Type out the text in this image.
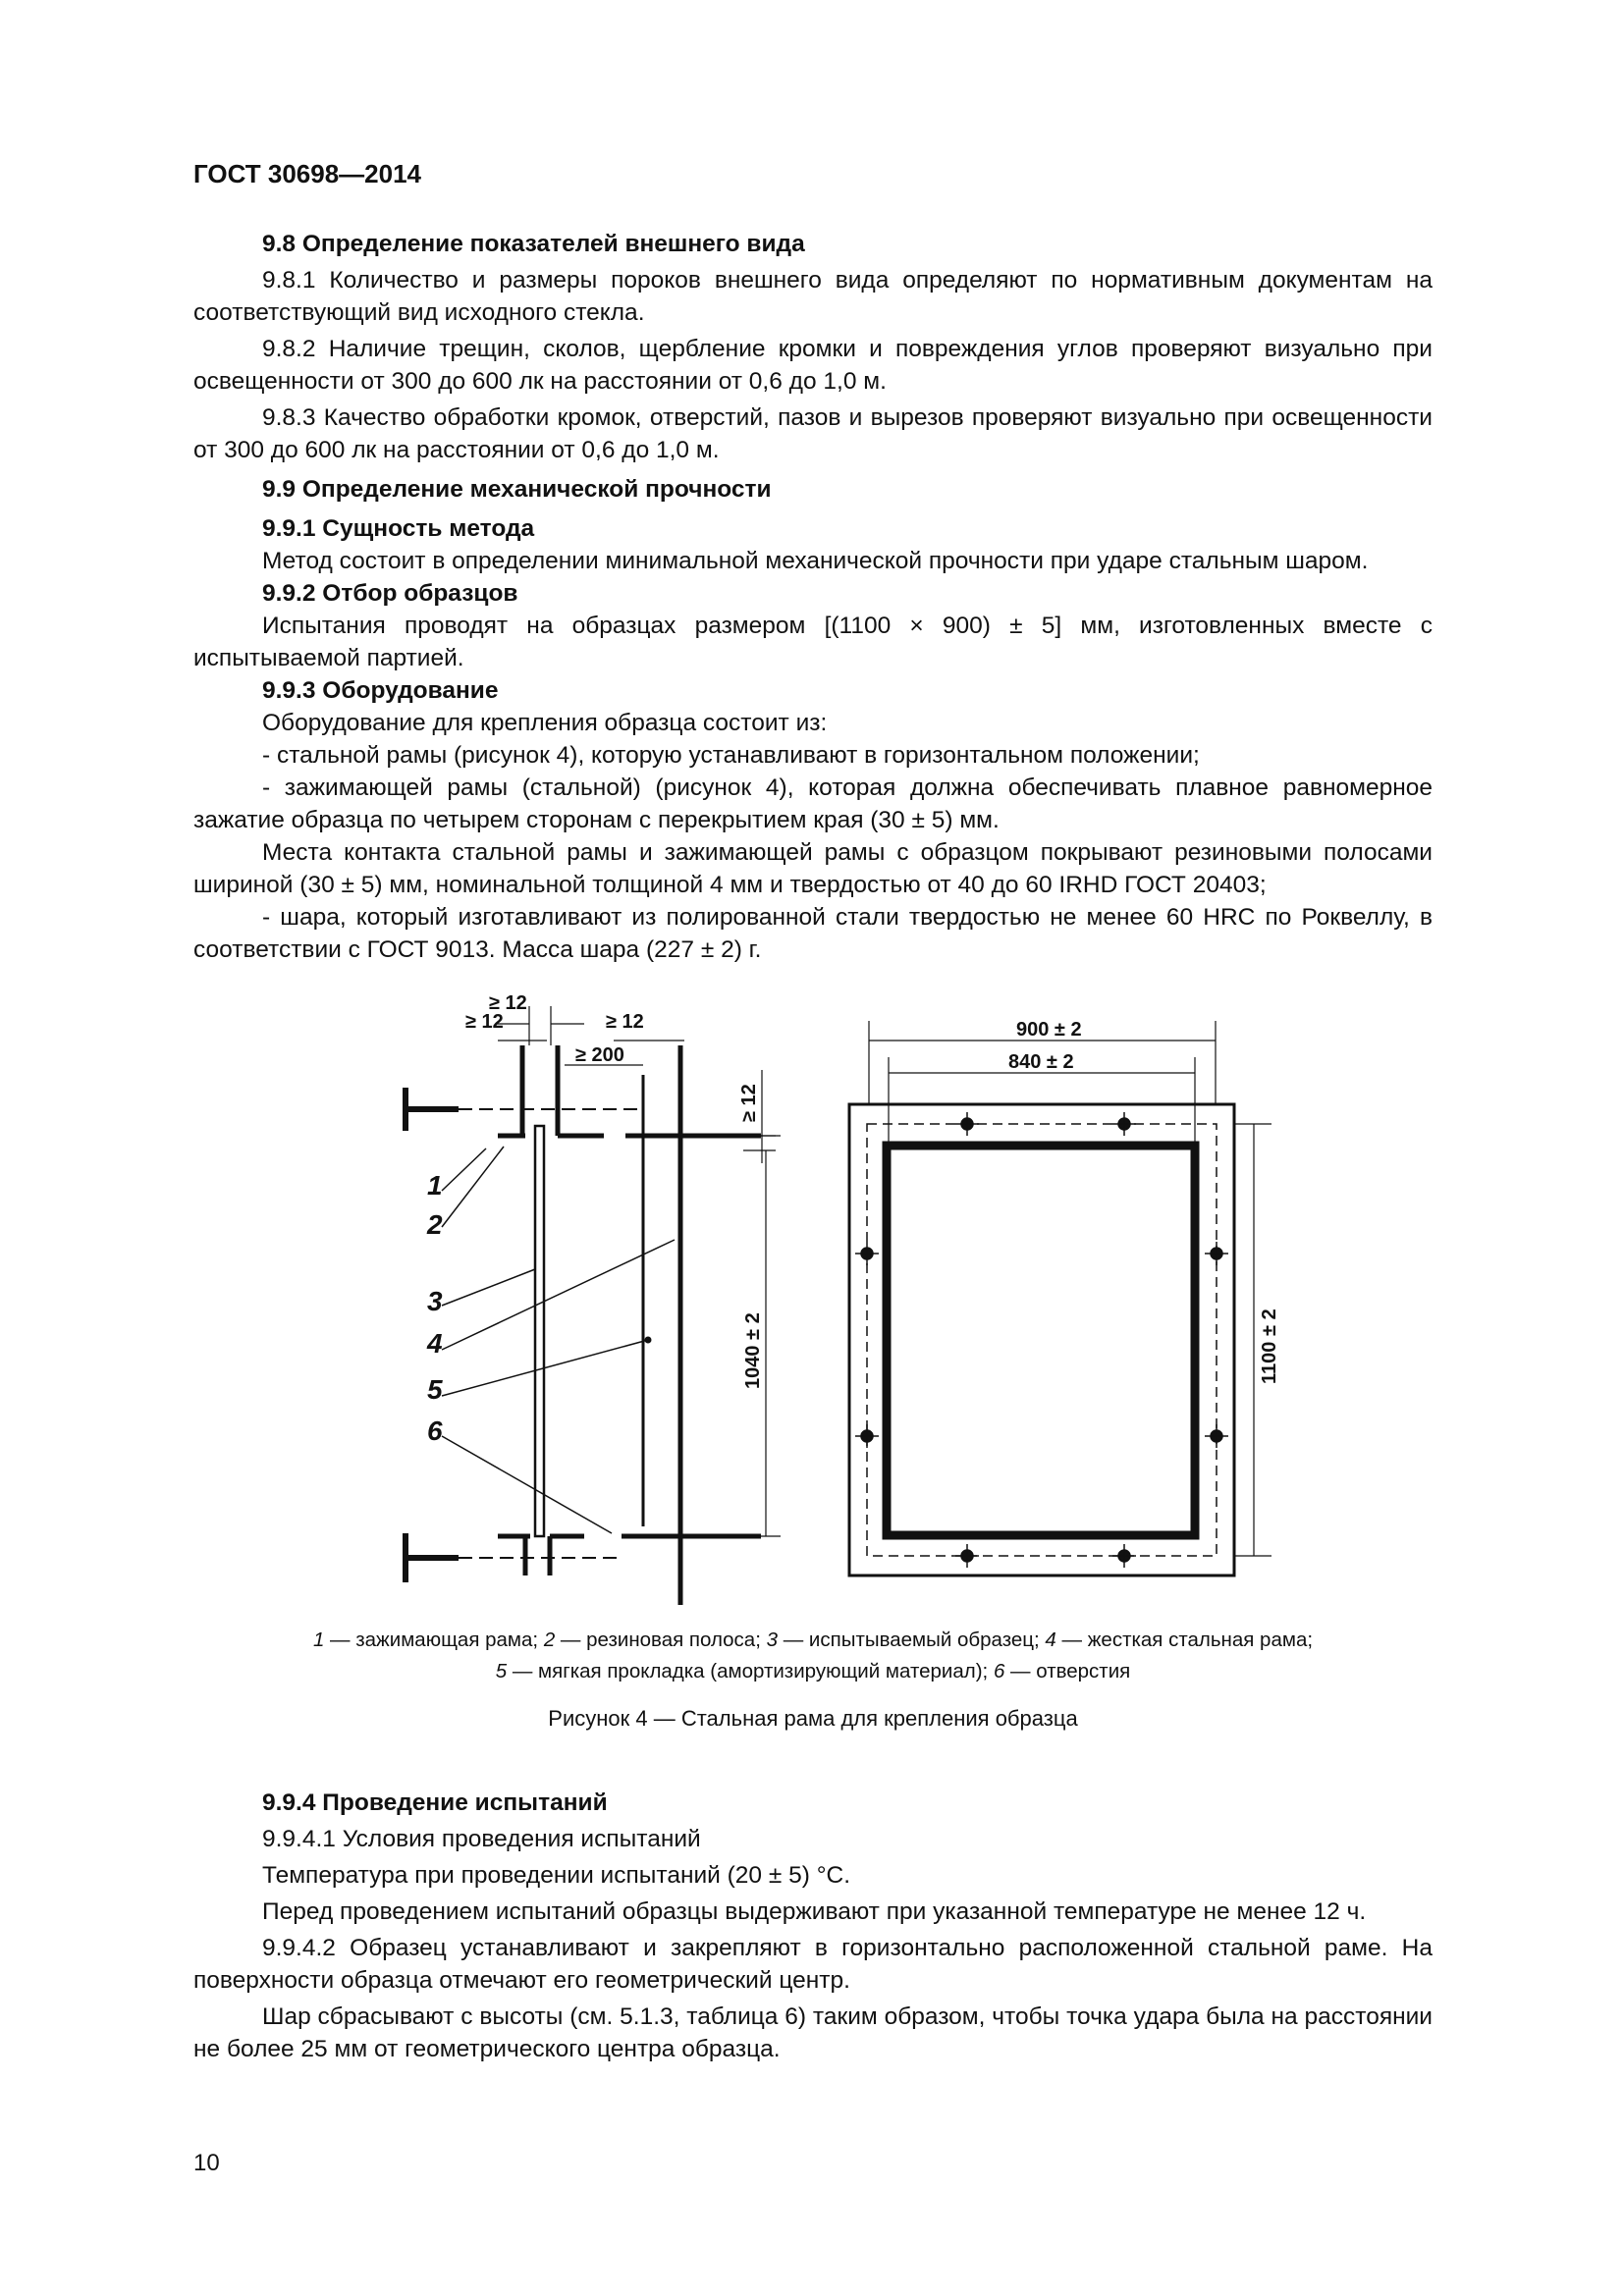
ГОСТ 30698—2014

9.8 Определение показателей внешнего вида

9.8.1 Количество и размеры пороков внешнего вида определяют по нормативным документам на соответствующий вид исходного стекла.

9.8.2 Наличие трещин, сколов, щербление кромки и повреждения углов проверяют визуально при освещенности от 300 до 600 лк на расстоянии от 0,6 до 1,0 м.

9.8.3 Качество обработки кромок, отверстий, пазов и вырезов проверяют визуально при освещенности от 300 до 600 лк на расстоянии от 0,6 до 1,0 м.

9.9 Определение механической прочности

9.9.1 Сущность метода

Метод состоит в определении минимальной механической прочности при ударе стальным шаром.

9.9.2 Отбор образцов

Испытания проводят на образцах размером [(1100 × 900) ± 5] мм, изготовленных вместе с испытываемой партией.

9.9.3 Оборудование

Оборудование для крепления образца состоит из:

- стальной рамы (рисунок 4), которую устанавливают в горизонтальном положении;

- зажимающей рамы (стальной) (рисунок 4), которая должна обеспечивать плавное равномерное зажатие образца по четырем сторонам с перекрытием края (30 ± 5) мм.

Места контакта стальной рамы и зажимающей рамы с образцом покрывают резиновыми полосами шириной (30 ± 5) мм, номинальной толщиной 4 мм и твердостью от 40 до 60 IRHD ГОСТ 20403;

- шара, который изготавливают из полированной стали твердостью не менее 60 HRC по Роквеллу, в соответствии с ГОСТ 9013. Масса шара (227 ± 2) г.

≥ 12
≥ 12	≥ 12
≥ 200
≥ 12
1040 ± 2
1
2
3
4
5
6
900 ± 2
840 ± 2
1100 ± 2
1 — зажимающая рама; 2 — резиновая полоса; 3 — испытываемый образец; 4 — жесткая стальная рама;
5 — мягкая прокладка (амортизирующий материал); 6 — отверстия
Рисунок 4 — Стальная рама для крепления образца

9.9.4 Проведение испытаний

9.9.4.1 Условия проведения испытаний

Температура при проведении испытаний (20 ± 5) °С.

Перед проведением испытаний образцы выдерживают при указанной температуре не менее 12 ч.

9.9.4.2 Образец устанавливают и закрепляют в горизонтально расположенной стальной раме. На поверхности образца отмечают его геометрический центр.

Шар сбрасывают с высоты (см. 5.1.3, таблица 6) таким образом, чтобы точка удара была на расстоянии не более 25 мм от геометрического центра образца.

10
